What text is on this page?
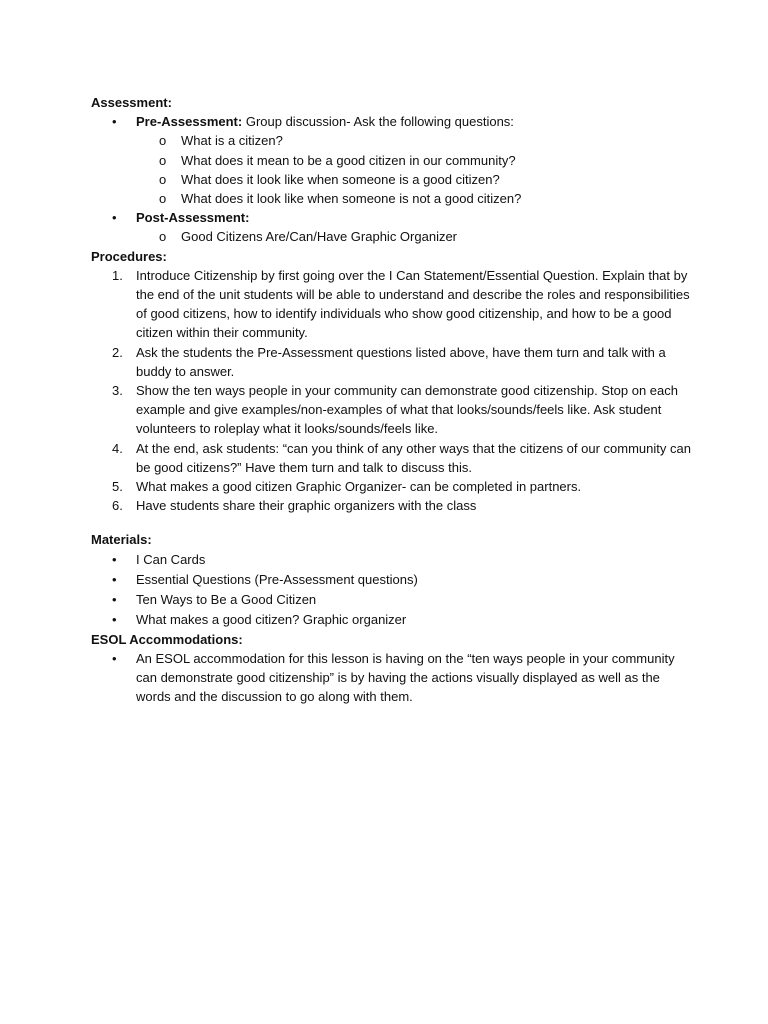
Assessment:
• Pre-Assessment: Group discussion- Ask the following questions:
o What is a citizen?
o What does it mean to be a good citizen in our community?
o What does it look like when someone is a good citizen?
o What does it look like when someone is not a good citizen?
• Post-Assessment:
o Good Citizens Are/Can/Have Graphic Organizer
Procedures:
1. Introduce Citizenship by first going over the I Can Statement/Essential Question. Explain that by the end of the unit students will be able to understand and describe the roles and responsibilities of good citizens, how to identify individuals who show good citizenship, and how to be a good citizen within their community.
2. Ask the students the Pre-Assessment questions listed above, have them turn and talk with a buddy to answer.
3. Show the ten ways people in your community can demonstrate good citizenship. Stop on each example and give examples/non-examples of what that looks/sounds/feels like. Ask student volunteers to roleplay what it looks/sounds/feels like.
4. At the end, ask students: “can you think of any other ways that the citizens of our community can be good citizens?” Have them turn and talk to discuss this.
5. What makes a good citizen Graphic Organizer- can be completed in partners.
6. Have students share their graphic organizers with the class
Materials:
• I Can Cards
• Essential Questions (Pre-Assessment questions)
• Ten Ways to Be a Good Citizen
• What makes a good citizen? Graphic organizer
ESOL Accommodations:
• An ESOL accommodation for this lesson is having on the “ten ways people in your community can demonstrate good citizenship” is by having the actions visually displayed as well as the words and the discussion to go along with them.
